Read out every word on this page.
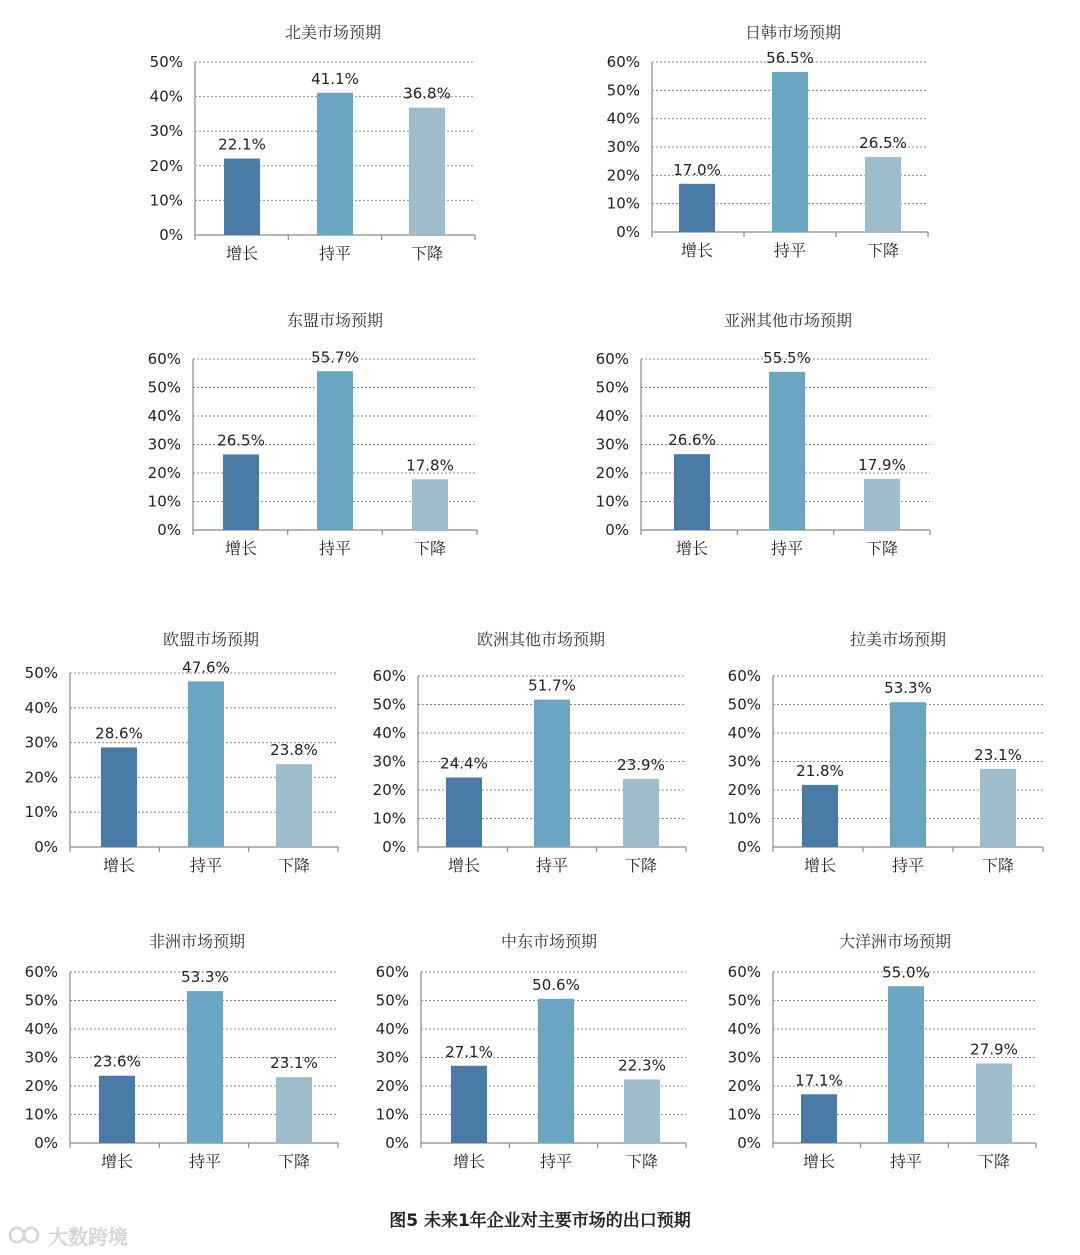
北美市场预期
0%
10%
20%
30%
40%
50%
22.1%
增长
41.1%
持平
36.8%
下降
日韩市场预期
0%
10%
20%
30%
40%
50%
60%
17.0%
增长
56.5%
持平
26.5%
下降
东盟市场预期
0%
10%
20%
30%
40%
50%
60%
26.5%
增长
55.7%
持平
17.8%
下降
亚洲其他市场预期
0%
10%
20%
30%
40%
50%
60%
26.6%
增长
55.5%
持平
17.9%
下降
欧盟市场预期
0%
10%
20%
30%
40%
50%
28.6%
增长
47.6%
持平
23.8%
下降
欧洲其他市场预期
0%
10%
20%
30%
40%
50%
60%
24.4%
增长
51.7%
持平
23.9%
下降
拉美市场预期
0%
10%
20%
30%
40%
50%
60%
21.8%
增长
53.3%
持平
23.1%
下降
非洲市场预期
0%
10%
20%
30%
40%
50%
60%
23.6%
增长
53.3%
持平
23.1%
下降
中东市场预期
0%
10%
20%
30%
40%
50%
60%
27.1%
增长
50.6%
持平
22.3%
下降
大洋洲市场预期
0%
10%
20%
30%
40%
50%
60%
17.1%
增长
55.0%
持平
27.9%
下降
图5 未来1年企业对主要市场的出口预期
大数跨境
